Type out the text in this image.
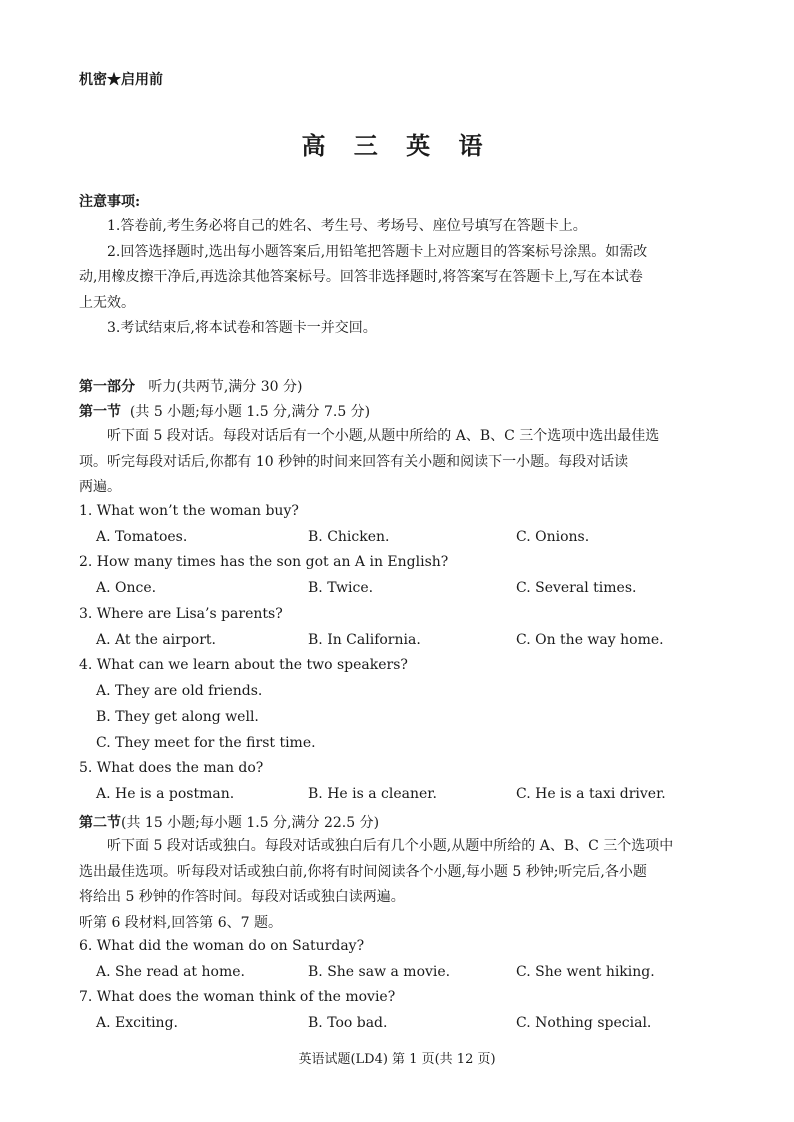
机密★启用前
高 三 英 语
注意事项:
1.答卷前,考生务必将自己的姓名、考生号、考场号、座位号填写在答题卡上。
2.回答选择题时,选出每小题答案后,用铅笔把答题卡上对应题目的答案标号涂黑。如需改
动,用橡皮擦干净后,再选涂其他答案标号。回答非选择题时,将答案写在答题卡上,写在本试卷
上无效。
3.考试结束后,将本试卷和答题卡一并交回。
第一部分 听力(共两节,满分 30 分)
第一节 (共 5 小题;每小题 1.5 分,满分 7.5 分)
听下面 5 段对话。每段对话后有一个小题,从题中所给的 A、B、C 三个选项中选出最佳选
项。听完每段对话后,你都有 10 秒钟的时间来回答有关小题和阅读下一小题。每段对话读
两遍。
1. What won’t the woman buy?
A. Tomatoes.	B. Chicken.	C. Onions.
2. How many times has the son got an A in English?
A. Once.	B. Twice.	C. Several times.
3. Where are Lisa’s parents?
A. At the airport.	B. In California.	C. On the way home.
4. What can we learn about the two speakers?
A. They are old friends.
B. They get along well.
C. They meet for the first time.
5. What does the man do?
A. He is a postman.	B. He is a cleaner.	C. He is a taxi driver.
第二节(共 15 小题;每小题 1.5 分,满分 22.5 分)
听下面 5 段对话或独白。每段对话或独白后有几个小题,从题中所给的 A、B、C 三个选项中
选出最佳选项。听每段对话或独白前,你将有时间阅读各个小题,每小题 5 秒钟;听完后,各小题
将给出 5 秒钟的作答时间。每段对话或独白读两遍。
听第 6 段材料,回答第 6、7 题。
6. What did the woman do on Saturday?
A. She read at home.	B. She saw a movie.	C. She went hiking.
7. What does the woman think of the movie?
A. Exciting.	B. Too bad.	C. Nothing special.
英语试题(LD4) 第 1 页(共 12 页)
